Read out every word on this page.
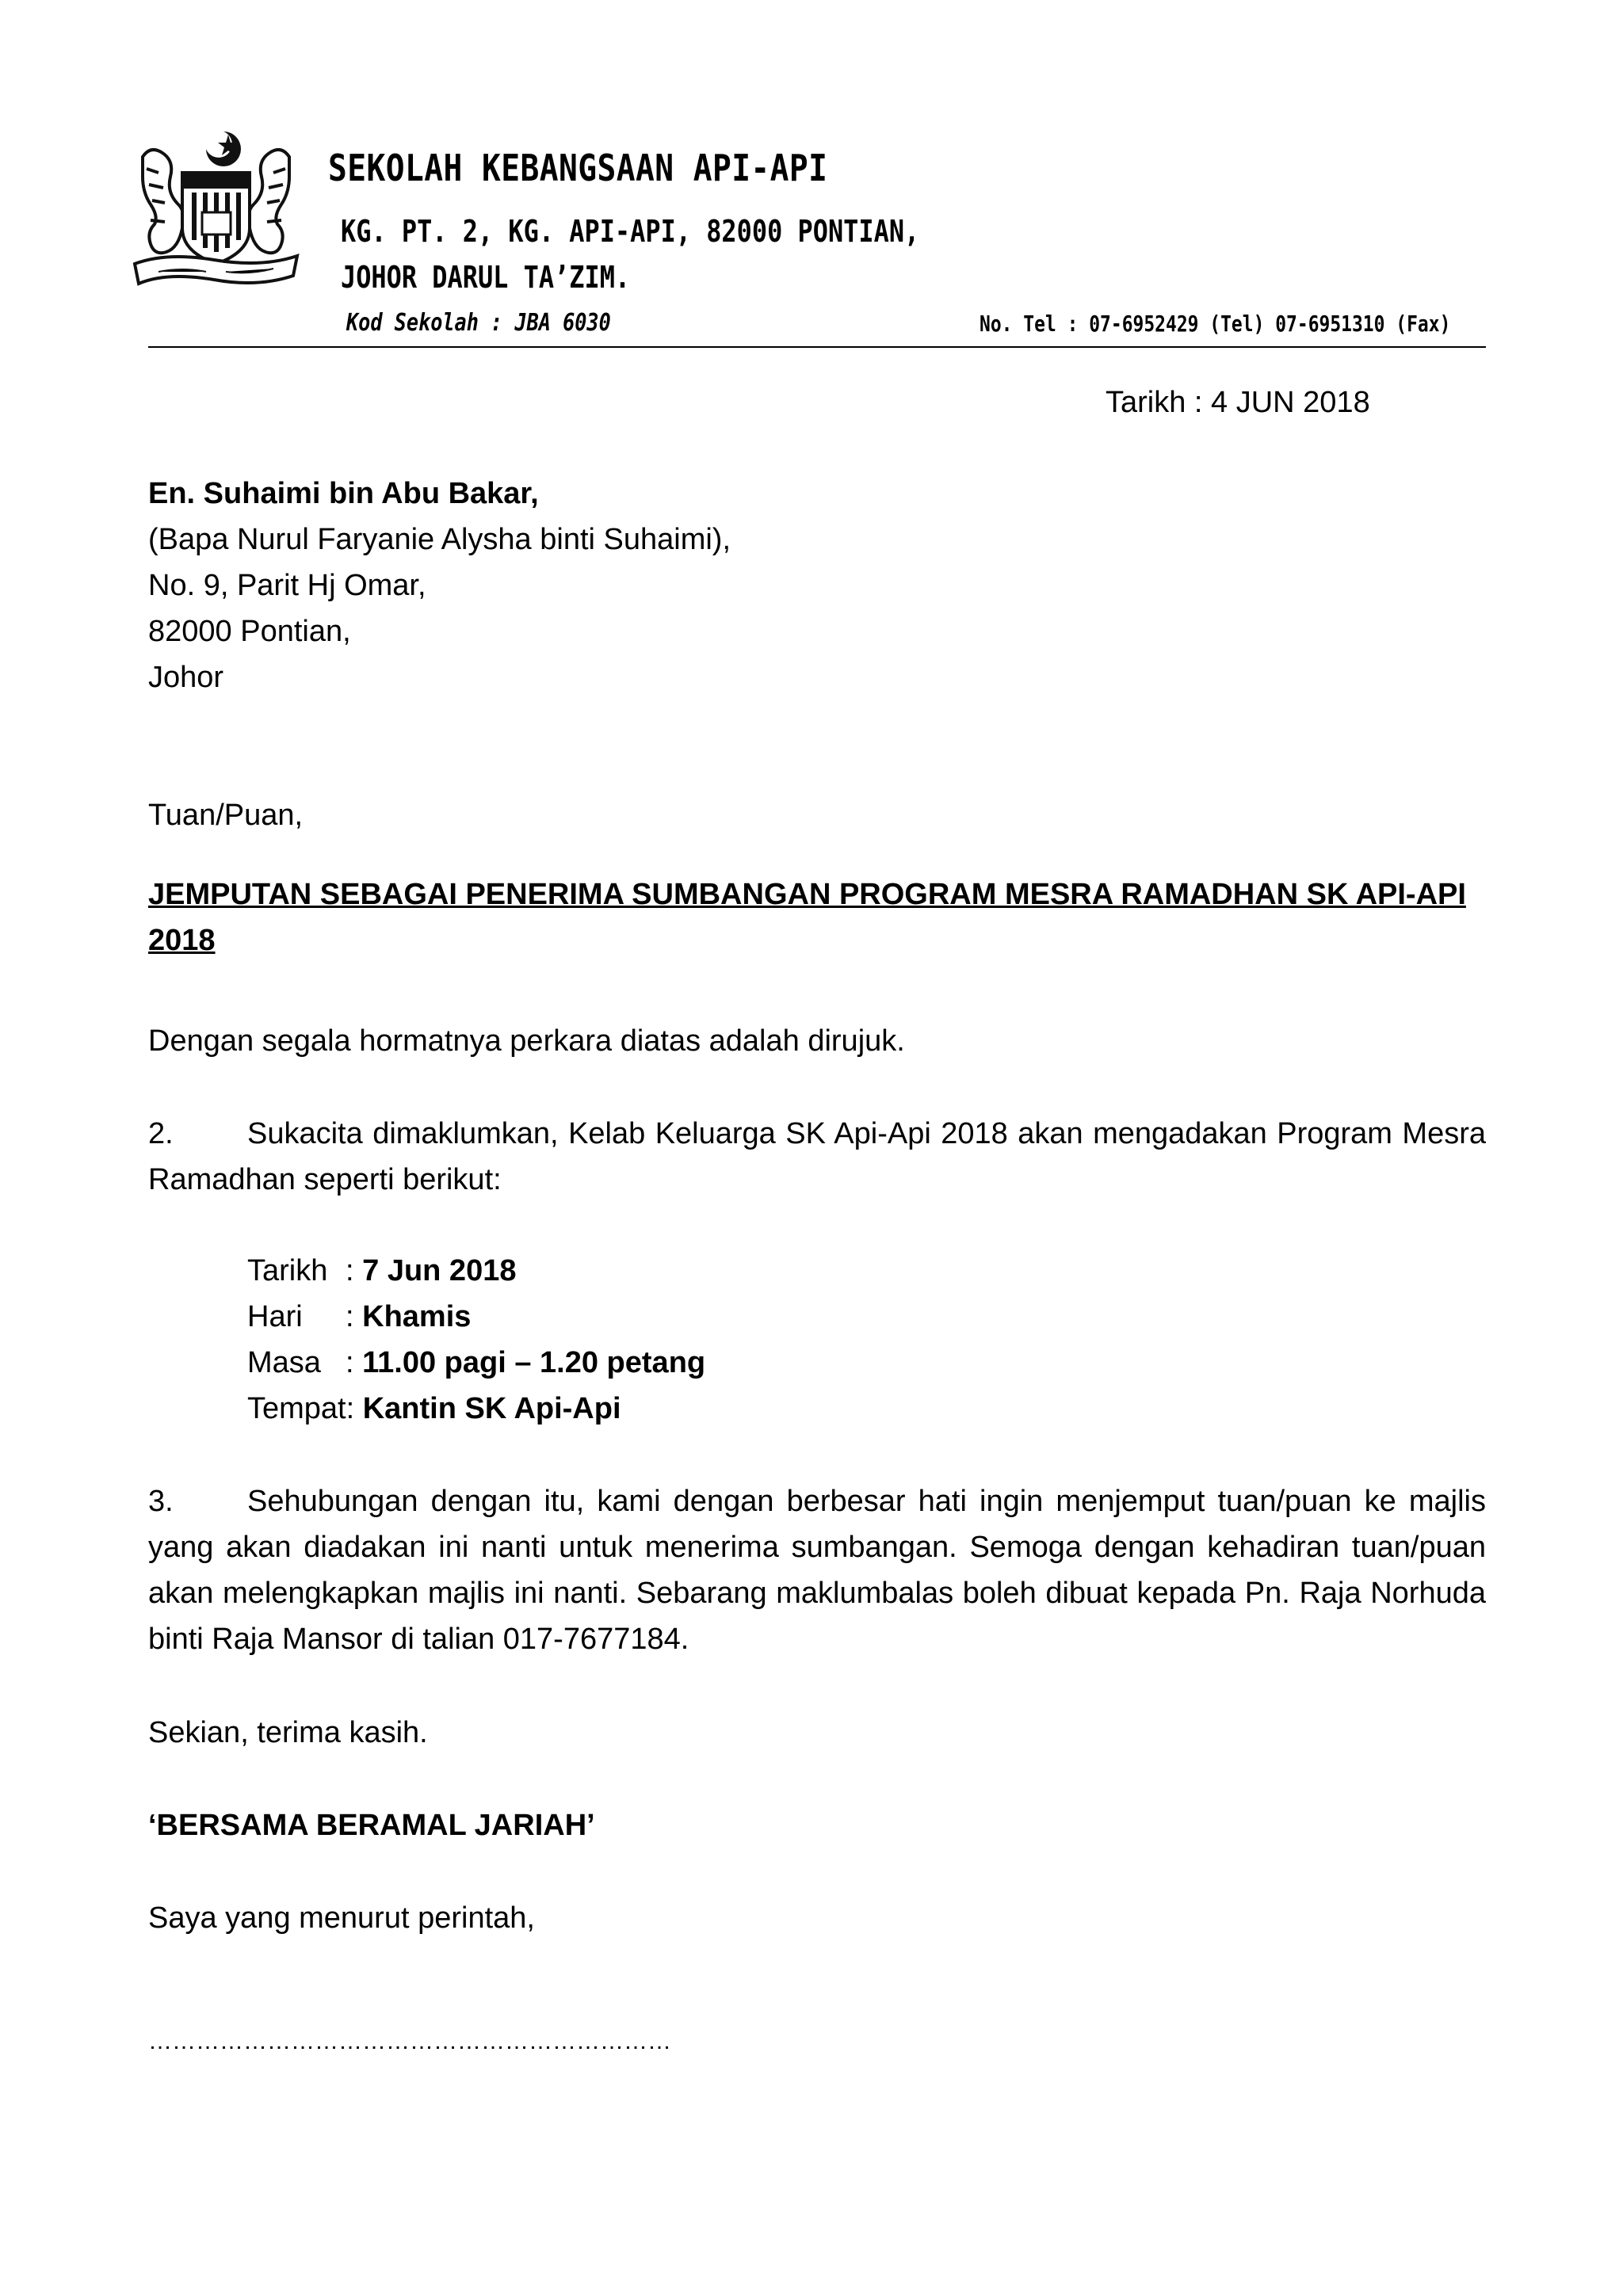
SEKOLAH KEBANGSAAN API-API
KG. PT. 2, KG. API-API, 82000 PONTIAN,
JOHOR DARUL TA’ZIM.
Kod Sekolah : JBA 6030	No. Tel : 07-6952429 (Tel) 07-6951310 (Fax)
Tarikh : 4 JUN 2018
En. Suhaimi bin Abu Bakar,
(Bapa Nurul Faryanie Alysha binti Suhaimi),
No. 9, Parit Hj Omar,
82000 Pontian,
Johor
Tuan/Puan,
JEMPUTAN SEBAGAI PENERIMA SUMBANGAN PROGRAM MESRA RAMADHAN SK API-API 2018
Dengan segala hormatnya perkara diatas adalah dirujuk.
2. Sukacita dimaklumkan, Kelab Keluarga SK Api-Api 2018 akan mengadakan Program Mesra Ramadhan seperti berikut:
Tarikh : 7 Jun 2018
Hari : Khamis
Masa : 11.00 pagi – 1.20 petang
Tempat: Kantin SK Api-Api
3. Sehubungan dengan itu, kami dengan berbesar hati ingin menjemput tuan/puan ke majlis yang akan diadakan ini nanti untuk menerima sumbangan. Semoga dengan kehadiran tuan/puan akan melengkapkan majlis ini nanti. Sebarang maklumbalas boleh dibuat kepada Pn. Raja Norhuda binti Raja Mansor di talian 017-7677184.
Sekian, terima kasih.
‘BERSAMA BERAMAL JARIAH’
Saya yang menurut perintah,
…………………………………………………………
